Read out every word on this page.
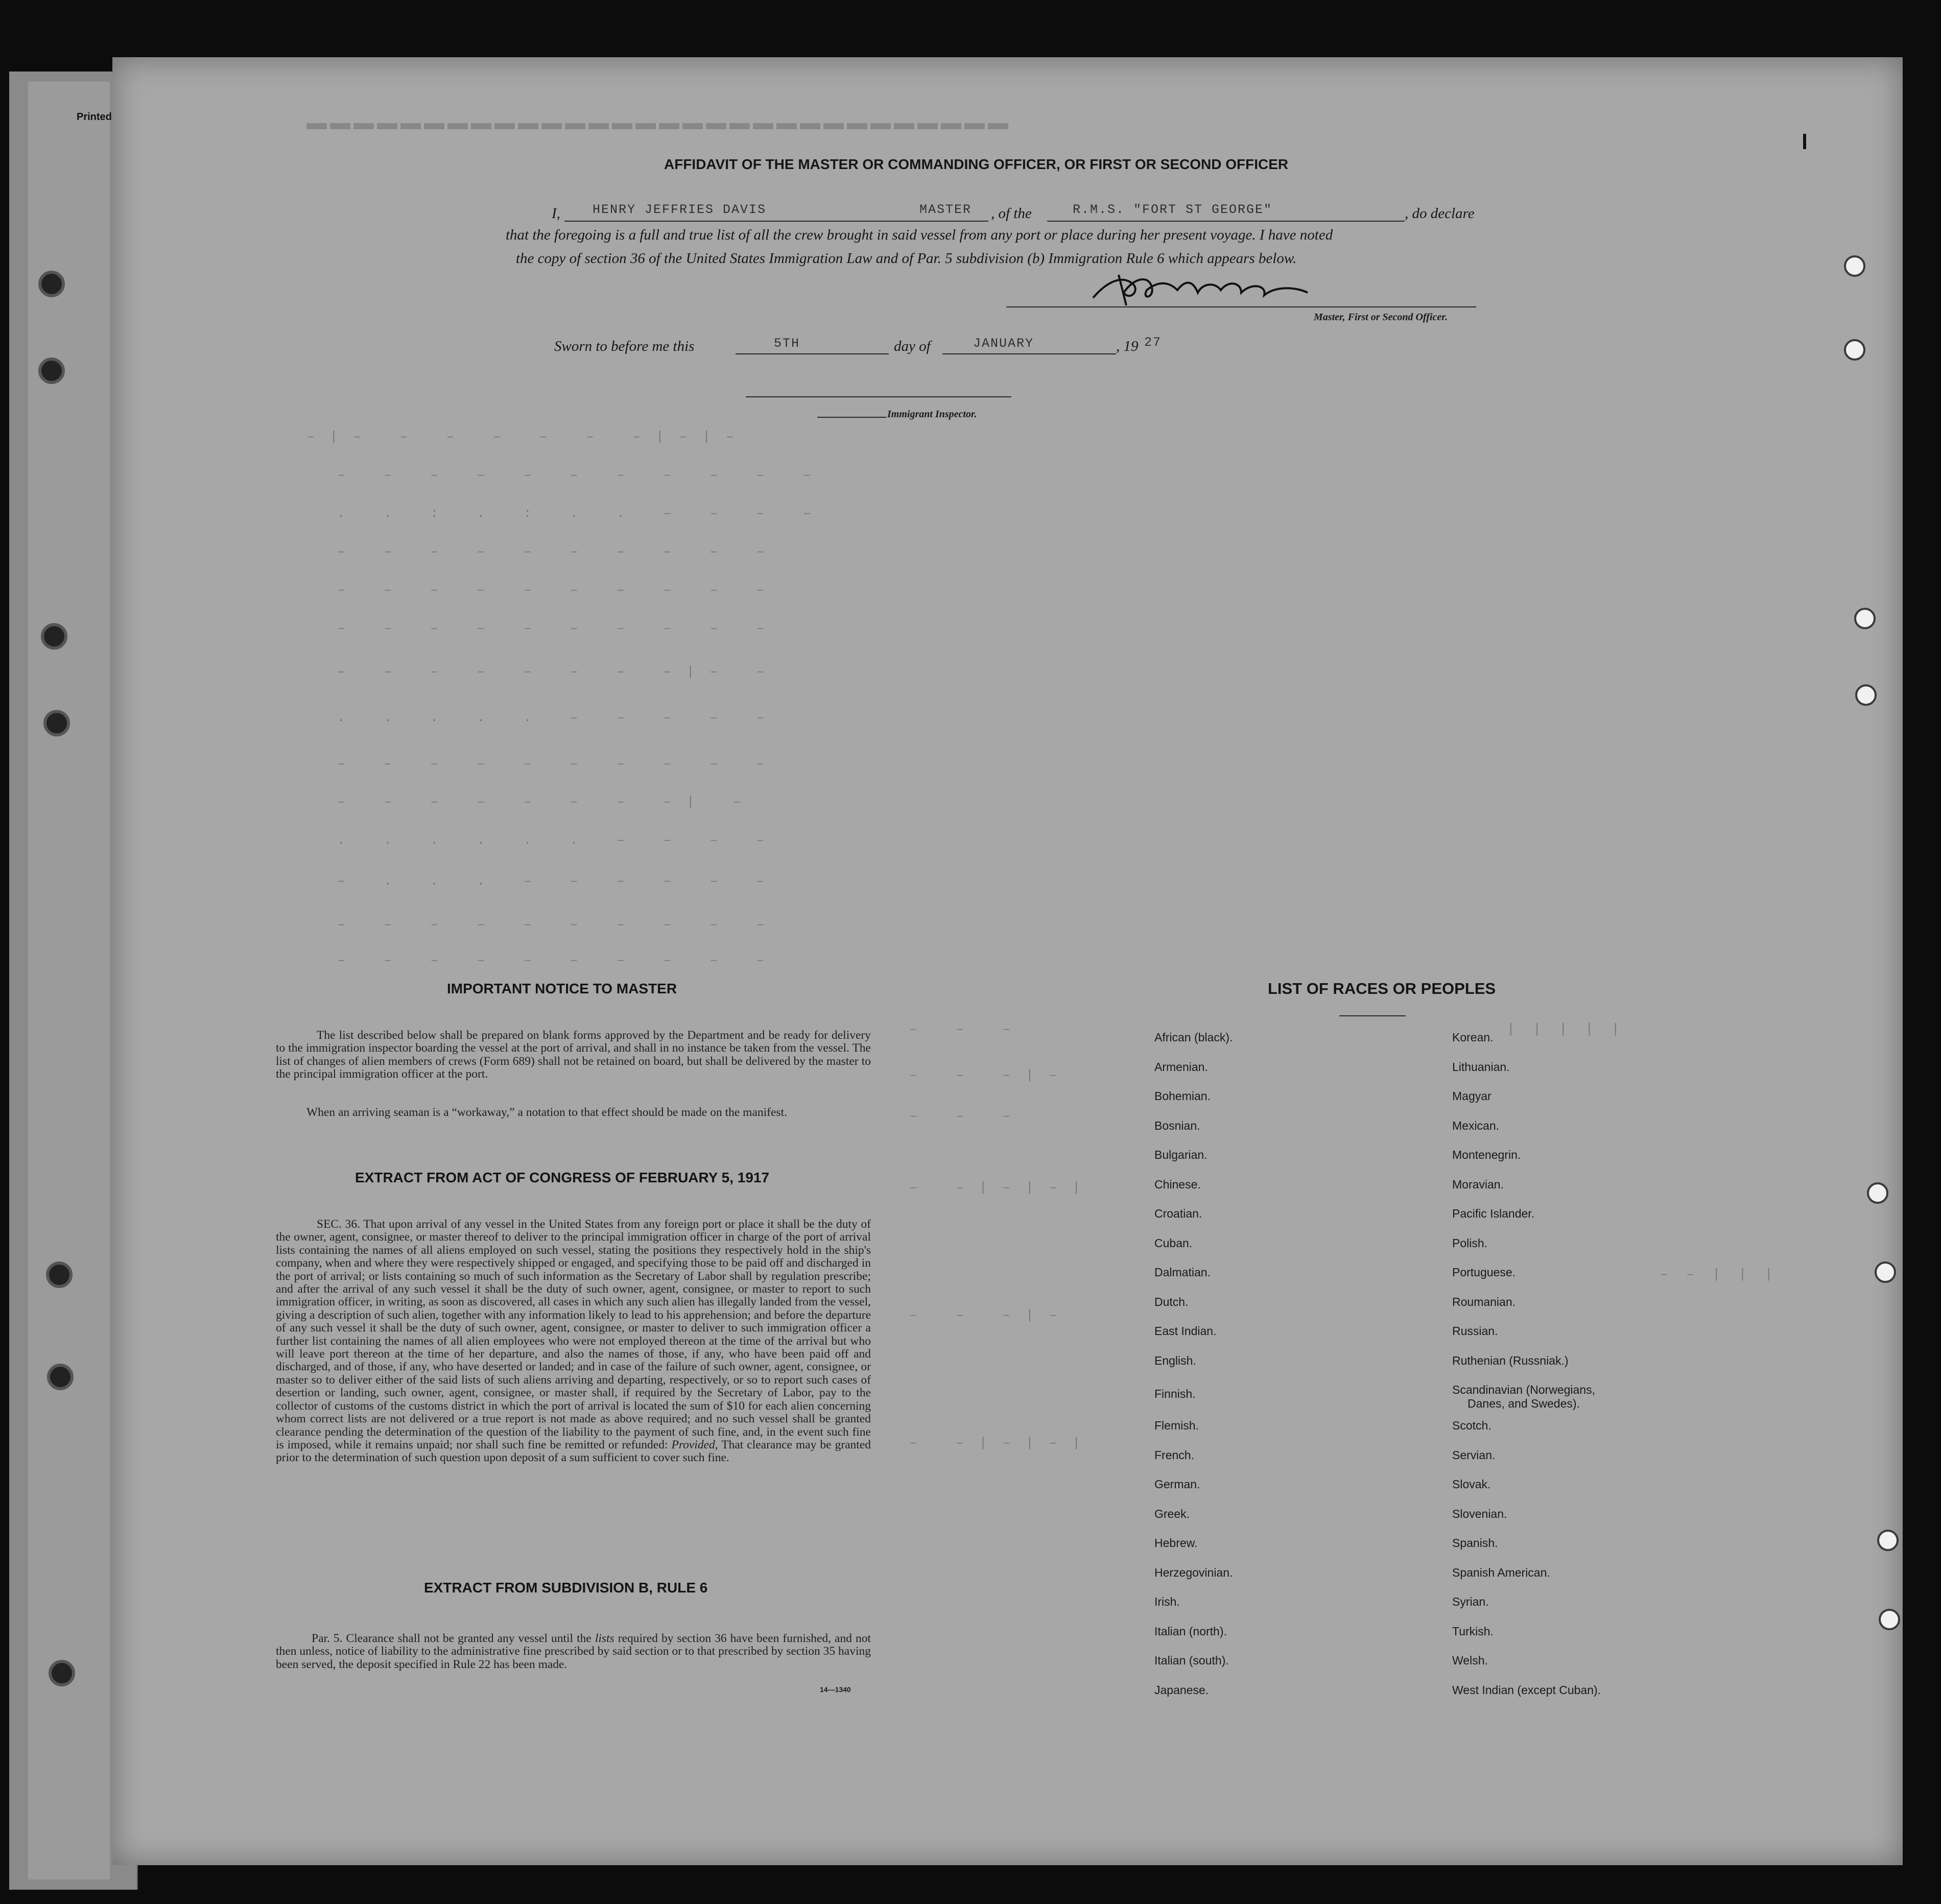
Printed	▬▬▬▬▬▬▬▬▬▬▬▬▬▬▬▬▬▬▬▬▬▬▬▬▬▬▬▬▬▬
AFFIDAVIT OF THE MASTER OR COMMANDING OFFICER, OR FIRST OR SECOND OFFICER
I,	HENRY JEFFRIES DAVIS	MASTER , of the	R.M.S. "FORT ST GEORGE"	, do declare
that the foregoing is a full and true list of all the crew brought in said vessel from any port or place during her present voyage. I have noted
the copy of section 36 of the United States Immigration Law and of Par. 5 subdivision (b) Immigration Rule 6 which appears below.
Master, First or Second Officer.
Sworn to before me this	5TH	day of	JANUARY	, 19 27
Immigrant Inspector.
–|– – – – – – –|–|–
– – – – – – – – – – –
. . : . : . . – – – –
– – – – – – – – – –
– – – – – – – – – –
– – – – – – – – – –
– – – – – – – –|– –
. . . . . – – – – –
– – – – – – – – – –
– – – – – – – –| –
. . . . . . – – – –
– . . . – – – – – –
– – – – – – – – – –
– – – – – – – – – –
– – –
– – –|–
– – –
– –|–|–|
– – –|–
– –|–|–|
| | | | |
– – | | |
IMPORTANT NOTICE TO MASTER
The list described below shall be prepared on blank forms approved by the Department and be ready for delivery to the immigration inspector boarding the vessel at the port of arrival, and shall in no instance be taken from the vessel. The list of changes of alien members of crews (Form 689) shall not be retained on board, but shall be delivered by the master to the principal immigration officer at the port.
When an arriving seaman is a “workaway,” a notation to that effect should be made on the manifest.
EXTRACT FROM ACT OF CONGRESS OF FEBRUARY 5, 1917
SEC. 36. That upon arrival of any vessel in the United States from any foreign port or place it shall be the duty of the owner, agent, consignee, or master thereof to deliver to the principal immigration officer in charge of the port of arrival lists containing the names of all aliens employed on such vessel, stating the positions they respectively hold in the ship's company, when and where they were respectively shipped or engaged, and specifying those to be paid off and discharged in the port of arrival; or lists containing so much of such information as the Secretary of Labor shall by regulation prescribe; and after the arrival of any such vessel it shall be the duty of such owner, agent, consignee, or master to report to such immigration officer, in writing, as soon as discovered, all cases in which any such alien has illegally landed from the vessel, giving a description of such alien, together with any information likely to lead to his apprehension; and before the departure of any such vessel it shall be the duty of such owner, agent, consignee, or master to deliver to such immigration officer a further list containing the names of all alien employees who were not employed thereon at the time of the arrival but who will leave port thereon at the time of her departure, and also the names of those, if any, who have been paid off and discharged, and of those, if any, who have deserted or landed; and in case of the failure of such owner, agent, consignee, or master so to deliver either of the said lists of such aliens arriving and departing, respectively, or so to report such cases of desertion or landing, such owner, agent, consignee, or master shall, if required by the Secretary of Labor, pay to the collector of customs of the customs district in which the port of arrival is located the sum of $10 for each alien concerning whom correct lists are not delivered or a true report is not made as above required; and no such vessel shall be granted clearance pending the determination of the question of the liability to the payment of such fine, and, in the event such fine is imposed, while it remains unpaid; nor shall such fine be remitted or refunded: Provided, That clearance may be granted prior to the determination of such question upon deposit of a sum sufficient to cover such fine.
EXTRACT FROM SUBDIVISION B, RULE 6
Par. 5. Clearance shall not be granted any vessel until the lists required by section 36 have been furnished, and not then unless, notice of liability to the administrative fine prescribed by said section or to that prescribed by section 35 having been served, the deposit specified in Rule 22 has been made.
14—1340
LIST OF RACES OR PEOPLES
African (black).
Armenian.
Bohemian.
Bosnian.
Bulgarian.
Chinese.
Croatian.
Cuban.
Dalmatian.
Dutch.
East Indian.
English.
Finnish.
Flemish.
French.
German.
Greek.
Hebrew.
Herzegovinian.
Irish.
Italian (north).
Italian (south).
Japanese.
Korean.
Lithuanian.
Magyar
Mexican.
Montenegrin.
Moravian.
Pacific Islander.
Polish.
Portuguese.
Roumanian.
Russian.
Ruthenian (Russniak.)
Scandinavian (Norwegians,
Danes, and Swedes).
Scotch.
Servian.
Slovak.
Slovenian.
Spanish.
Spanish American.
Syrian.
Turkish.
Welsh.
West Indian (except Cuban).
